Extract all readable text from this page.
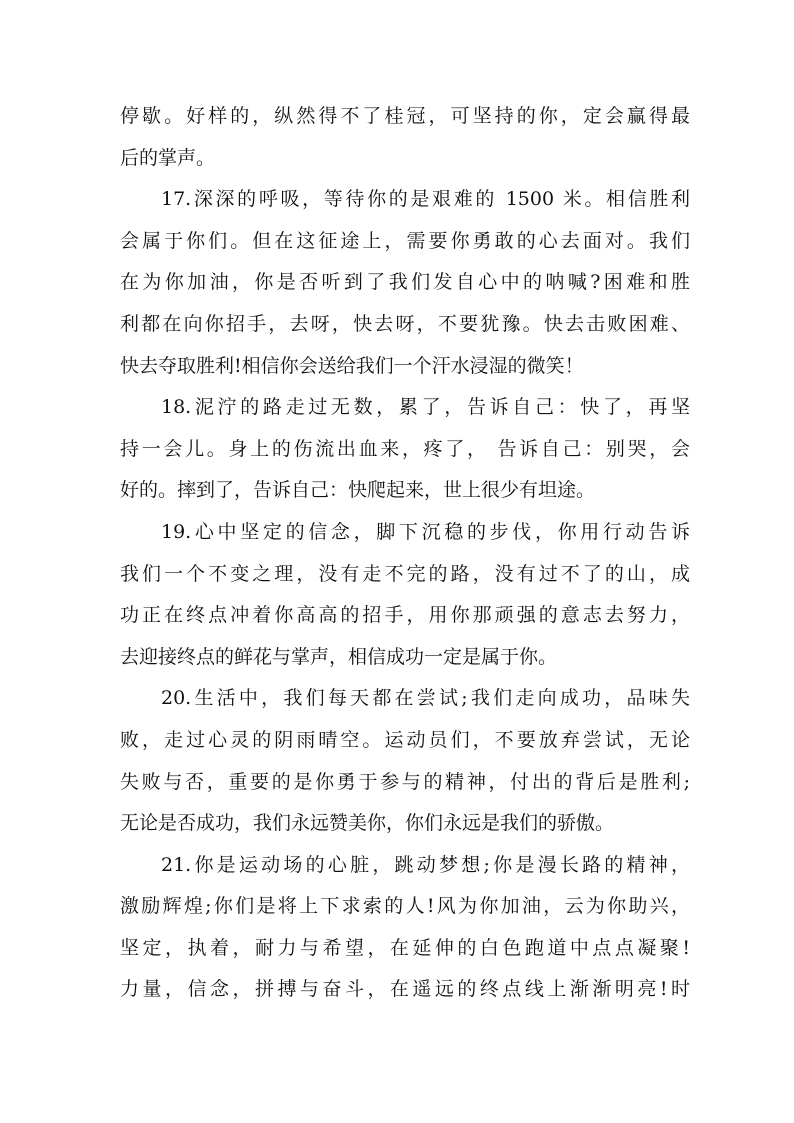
停歇。好样的，纵然得不了桂冠，可坚持的你，定会赢得最
后的掌声。
17.深深的呼吸，等待你的是艰难的 1500 米。相信胜利
会属于你们。但在这征途上，需要你勇敢的心去面对。我们
在为你加油，你是否听到了我们发自心中的呐喊?困难和胜
利都在向你招手，去呀，快去呀，不要犹豫。快去击败困难、
快去夺取胜利!相信你会送给我们一个汗水浸湿的微笑！
18.泥泞的路走过无数，累了，告诉自己：快了，再坚
持一会儿。身上的伤流出血来，疼了， 告诉自己：别哭，会
好的。摔到了，告诉自己：快爬起来，世上很少有坦途。
19.心中坚定的信念，脚下沉稳的步伐，你用行动告诉
我们一个不变之理，没有走不完的路，没有过不了的山，成
功正在终点冲着你高高的招手，用你那顽强的意志去努力，
去迎接终点的鲜花与掌声，相信成功一定是属于你。
20.生活中，我们每天都在尝试;我们走向成功，品味失
败，走过心灵的阴雨晴空。运动员们，不要放弃尝试，无论
失败与否，重要的是你勇于参与的精神，付出的背后是胜利;
无论是否成功，我们永远赞美你，你们永远是我们的骄傲。
21.你是运动场的心脏，跳动梦想;你是漫长路的精神，
激励辉煌;你们是将上下求索的人!风为你加油，云为你助兴，
坚定，执着，耐力与希望，在延伸的白色跑道中点点凝聚!
力量，信念，拼搏与奋斗，在遥远的终点线上渐渐明亮!时
